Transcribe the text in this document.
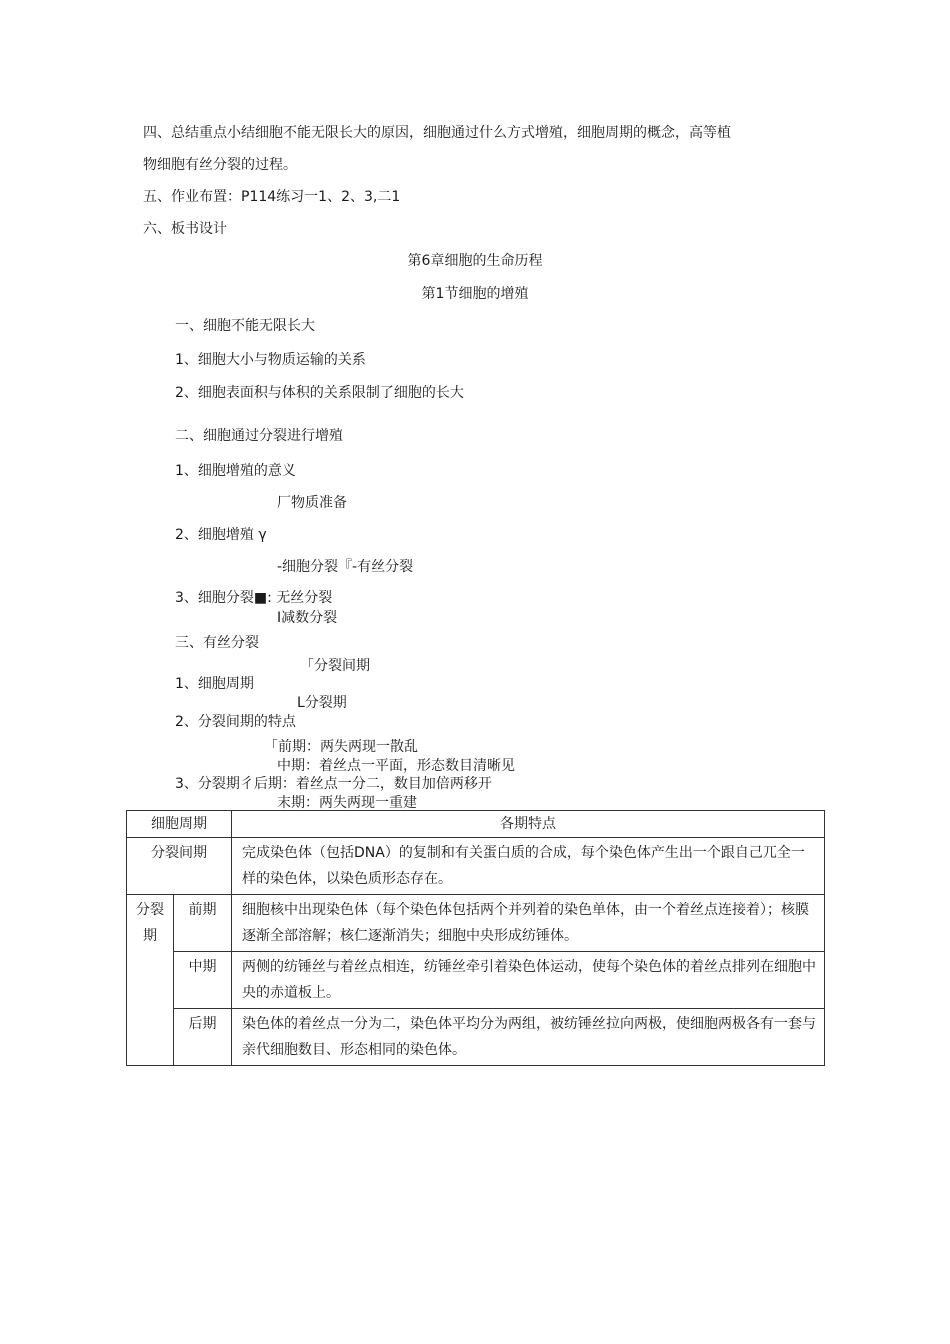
四、总结重点小结细胞不能无限长大的原因，细胞通过什么方式增殖，细胞周期的概念，高等植
物细胞有丝分裂的过程。
五、作业布置：P114练习一1、2、3,二1
六、板书设计
第6章细胞的生命历程
第1节细胞的增殖
一、细胞不能无限长大
1、细胞大小与物质运输的关系
2、细胞表面积与体积的关系限制了细胞的长大
二、细胞通过分裂进行增殖
1、细胞增殖的意义
厂物质准备
2、细胞增殖 γ
-细胞分裂『-有丝分裂
3、细胞分裂■: 无丝分裂
I减数分裂
三、有丝分裂
「分裂间期
1、细胞周期
L分裂期
2、分裂间期的特点
「前期：两失两现一散乱
中期：着丝点一平面，形态数目清晰见
3、分裂期彳后期：着丝点一分二，数目加倍两移开
末期：两失两现一重建
细胞周期		各期特点
分裂间期		完成染色体（包括DNA）的复制和有关蛋白质的合成，每个染色体产生出一个跟自己兀全一样的染色体，以染色质形态存在。
分裂期	前期	细胞核中出现染色体（每个染色体包括两个并列着的染色单体，由一个着丝点连接着）；核膜逐渐全部溶解；核仁逐渐消失；细胞中央形成纺锤体。
	中期	两侧的纺锤丝与着丝点相连，纺锤丝牵引着染色体运动，使每个染色体的着丝点排列在细胞中央的赤道板上。
	后期	染色体的着丝点一分为二，染色体平均分为两组，被纺锤丝拉向两极，使细胞两极各有一套与亲代细胞数目、形态相同的染色体。
